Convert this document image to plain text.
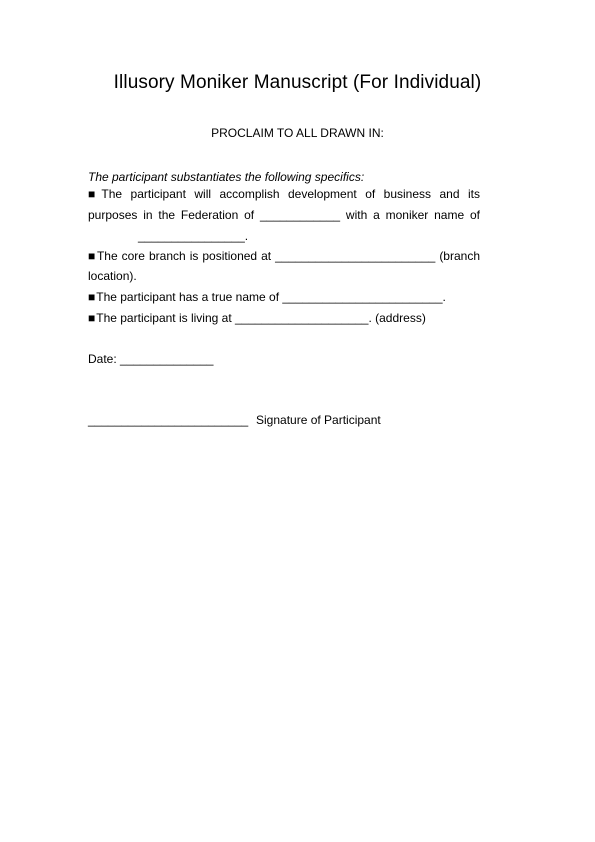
Illusory Moniker Manuscript (For Individual)
PROCLAIM TO ALL DRAWN IN:
The participant substantiates the following specifics:
■The participant will accomplish development of business and its
purposes in the Federation of ____________ with a moniker name of
________________.
■The core branch is positioned at ________________________ (branch
location).
■The participant has a true name of ________________________.
■The participant is living at ____________________. (address)
Date: ______________
________________________ Signature of Participant
